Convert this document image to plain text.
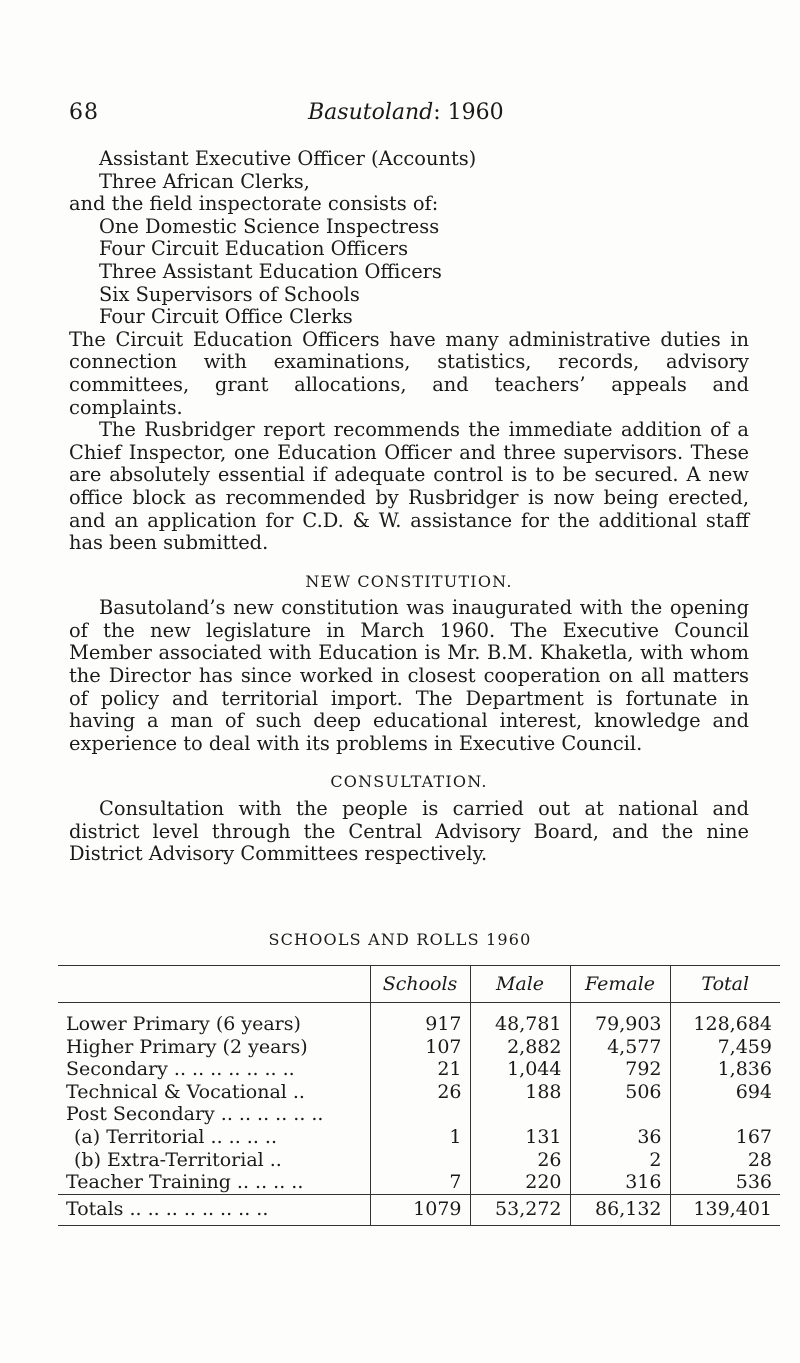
68	Basutoland: 1960
Assistant Executive Officer (Accounts)
Three African Clerks,
and the field inspectorate consists of:
One Domestic Science Inspectress
Four Circuit Education Officers
Three Assistant Education Officers
Six Supervisors of Schools
Four Circuit Office Clerks
The Circuit Education Officers have many administrative duties in connection with examinations, statistics, records, advisory committees, grant allocations, and teachers’ appeals and complaints.
The Rusbridger report recommends the immediate addition of a Chief Inspector, one Education Officer and three supervisors. These are absolutely essential if adequate control is to be secured. A new office block as recommended by Rusbridger is now being erected, and an application for C.D. & W. assistance for the additional staff has been submitted.
NEW CONSTITUTION.
Basutoland’s new constitution was inaugurated with the opening of the new legislature in March 1960. The Executive Council Member associated with Education is Mr. B.M. Khaketla, with whom the Director has since worked in closest cooperation on all matters of policy and territorial import. The Department is fortunate in having a man of such deep educational interest, knowledge and experience to deal with its problems in Executive Council.
CONSULTATION.
Consultation with the people is carried out at national and district level through the Central Advisory Board, and the nine District Advisory Committees respectively.
SCHOOLS AND ROLLS 1960
	Schools	Male	Female	Total
Lower Primary (6 years)	917	48,781	79,903	128,684
Higher Primary (2 years)	107	2,882	4,577	7,459
Secondary .. .. .. .. .. .. ..	21	1,044	792	1,836
Technical & Vocational ..	26	188	506	694
Post Secondary .. .. .. .. .. ..				
(a) Territorial .. .. .. ..	1	131	36	167
(b) Extra-Territorial ..		26	2	28
Teacher Training .. .. .. ..	7	220	316	536
Totals .. .. .. .. .. .. .. ..	1079	53,272	86,132	139,401
